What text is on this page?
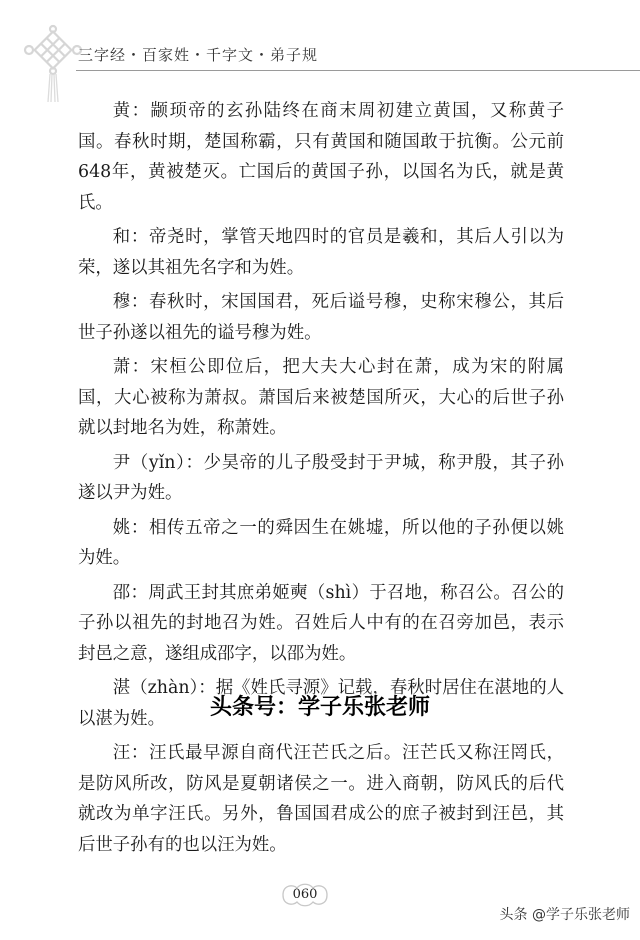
三字经・百家姓・千字文・弟子规

黄：颛顼帝的玄孙陆终在商末周初建立黄国，又称黄子国。春秋时期，楚国称霸，只有黄国和随国敢于抗衡。公元前648年，黄被楚灭。亡国后的黄国子孙，以国名为氏，就是黄氏。

和：帝尧时，掌管天地四时的官员是羲和，其后人引以为荣，遂以其祖先名字和为姓。

穆：春秋时，宋国国君，死后谥号穆，史称宋穆公，其后世子孙遂以祖先的谥号穆为姓。

萧：宋桓公即位后，把大夫大心封在萧，成为宋的附属国，大心被称为萧叔。萧国后来被楚国所灭，大心的后世子孙就以封地名为姓，称萧姓。

尹（yǐn）：少昊帝的儿子殷受封于尹城，称尹殷，其子孙遂以尹为姓。

姚：相传五帝之一的舜因生在姚墟，所以他的子孙便以姚为姓。

邵：周武王封其庶弟姬奭（shì）于召地，称召公。召公的子孙以祖先的封地召为姓。召姓后人中有的在召旁加邑，表示封邑之意，遂组成邵字，以邵为姓。

湛（zhàn）：据《姓氏寻源》记载，春秋时居住在湛地的人以湛为姓。

汪：汪氏最早源自商代汪芒氏之后。汪芒氏又称汪罔氏，是防风所改，防风是夏朝诸侯之一。进入商朝，防风氏的后代就改为单字汪氏。另外，鲁国国君成公的庶子被封到汪邑，其后世子孙有的也以汪为姓。

头条号：学子乐张老师
060
头条 @学子乐张老师
